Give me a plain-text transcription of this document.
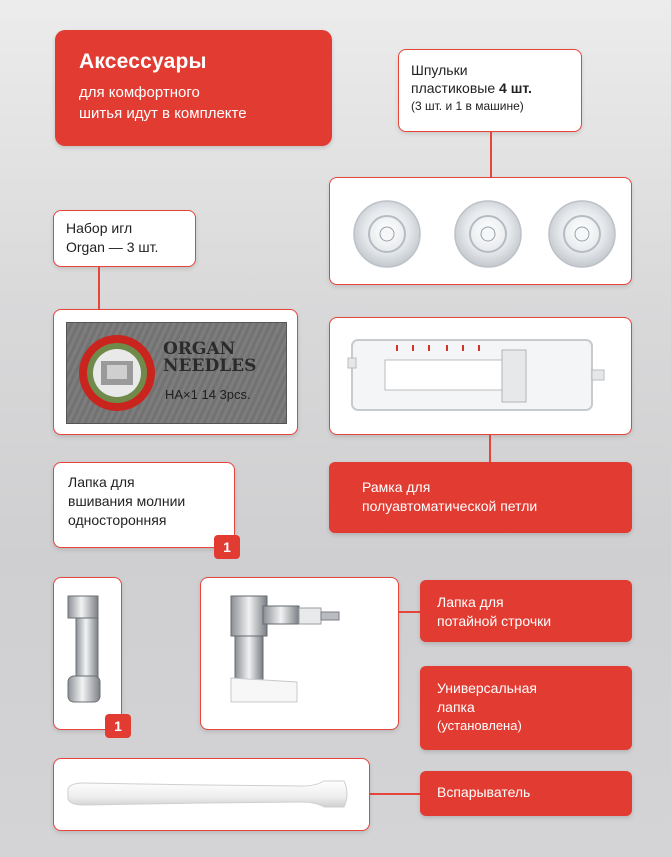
Аксессуары
для комфортного
шитья идут в комплекте
Шпульки
пластиковые 4 шт.
(3 шт. и 1 в машине)
Набор игл
Organ — 3 шт.
ORGAN
NEEDLES
HA×1 14 3pcs.
Рамка для
полуавтоматической петли
Лапка для
вшивания молнии
односторонняя
1
1
Лапка для
потайной строчки
Универсальная
лапка
(установлена)
Вспарыватель
